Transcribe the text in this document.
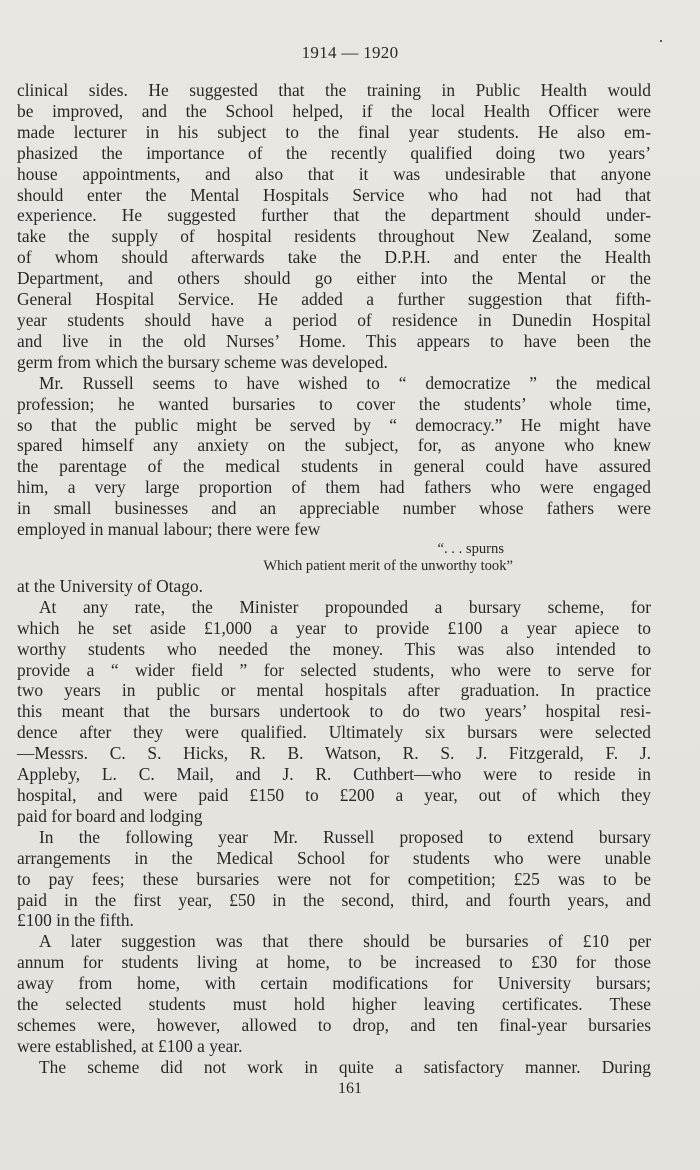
1914 — 1920

clinical sides. He suggested that the training in Public Health would

be improved, and the School helped, if the local Health Officer were

made lecturer in his subject to the final year students. He also em-

phasized the importance of the recently qualified doing two years’

house appointments, and also that it was undesirable that anyone

should enter the Mental Hospitals Service who had not had that

experience. He suggested further that the department should under-

take the supply of hospital residents throughout New Zealand, some

of whom should afterwards take the D.P.H. and enter the Health

Department, and others should go either into the Mental or the

General Hospital Service. He added a further suggestion that fifth-

year students should have a period of residence in Dunedin Hospital

and live in the old Nurses’ Home. This appears to have been the

germ from which the bursary scheme was developed.

Mr. Russell seems to have wished to “ democratize ” the medical

profession; he wanted bursaries to cover the students’ whole time,

so that the public might be served by “ democracy.” He might have

spared himself any anxiety on the subject, for, as anyone who knew

the parentage of the medical students in general could have assured

him, a very large proportion of them had fathers who were engaged

in small businesses and an appreciable number whose fathers were

employed in manual labour; there were few

“. . . spurns
Which patient merit of the unworthy took”

at the University of Otago.

At any rate, the Minister propounded a bursary scheme, for

which he set aside £1,000 a year to provide £100 a year apiece to

worthy students who needed the money. This was also intended to

provide a “ wider field ” for selected students, who were to serve for

two years in public or mental hospitals after graduation. In practice

this meant that the bursars undertook to do two years’ hospital resi-

dence after they were qualified. Ultimately six bursars were selected

—Messrs. C. S. Hicks, R. B. Watson, R. S. J. Fitzgerald, F. J.

Appleby, L. C. Mail, and J. R. Cuthbert—who were to reside in

hospital, and were paid £150 to £200 a year, out of which they

paid for board and lodging

In the following year Mr. Russell proposed to extend bursary

arrangements in the Medical School for students who were unable

to pay fees; these bursaries were not for competition; £25 was to be

paid in the first year, £50 in the second, third, and fourth years, and

£100 in the fifth.

A later suggestion was that there should be bursaries of £10 per

annum for students living at home, to be increased to £30 for those

away from home, with certain modifications for University bursars;

the selected students must hold higher leaving certificates. These

schemes were, however, allowed to drop, and ten final-year bursaries

were established, at £100 a year.

The scheme did not work in quite a satisfactory manner. During

161
